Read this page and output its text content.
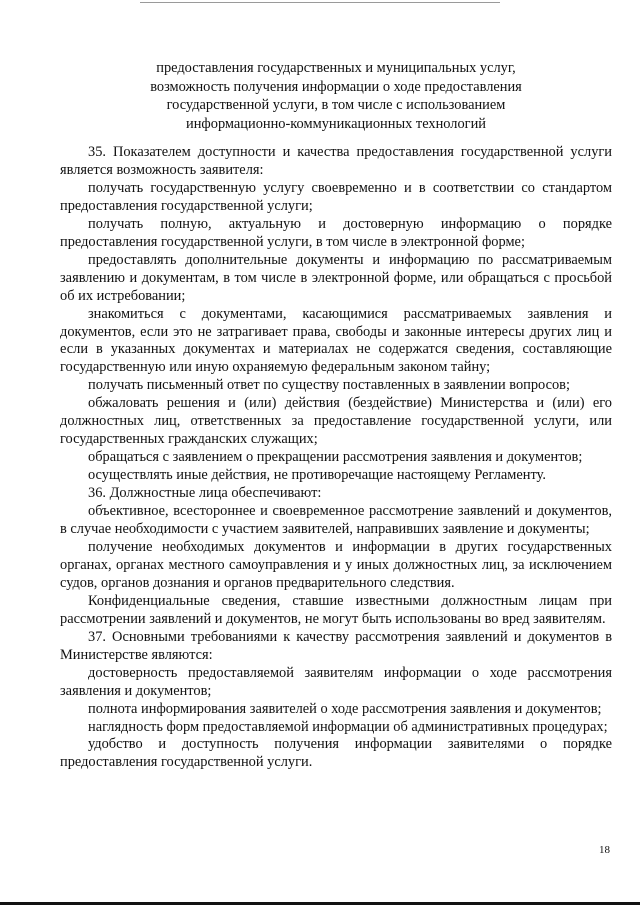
предоставления государственных и муниципальных услуг,
возможность получения информации о ходе предоставления
государственной услуги, в том числе с использованием
информационно-коммуникационных технологий

35. Показателем доступности и качества предоставления государственной услуги является возможность заявителя:

получать государственную услугу своевременно и в соответствии со стандартом предоставления государственной услуги;

получать полную, актуальную и достоверную информацию о порядке предоставления государственной услуги, в том числе в электронной форме;

предоставлять дополнительные документы и информацию по рассматриваемым заявлению и документам, в том числе в электронной форме, или обращаться с просьбой об их истребовании;

знакомиться с документами, касающимися рассматриваемых заявления и документов, если это не затрагивает права, свободы и законные интересы других лиц и если в указанных документах и материалах не содержатся сведения, составляющие государственную или иную охраняемую федеральным законом тайну;

получать письменный ответ по существу поставленных в заявлении вопросов;

обжаловать решения и (или) действия (бездействие) Министерства и (или) его должностных лиц, ответственных за предоставление государственной услуги, или государственных гражданских служащих;

обращаться с заявлением о прекращении рассмотрения заявления и документов;

осуществлять иные действия, не противоречащие настоящему Регламенту.

36. Должностные лица обеспечивают:

объективное, всестороннее и своевременное рассмотрение заявлений и документов, в случае необходимости с участием заявителей, направивших заявление и документы;

получение необходимых документов и информации в других государственных органах, органах местного самоуправления и у иных должностных лиц, за исключением судов, органов дознания и органов предварительного следствия.

Конфиденциальные сведения, ставшие известными должностным лицам при рассмотрении заявлений и документов, не могут быть использованы во вред заявителям.

37. Основными требованиями к качеству рассмотрения заявлений и документов в Министерстве являются:

достоверность предоставляемой заявителям информации о ходе рассмотрения заявления и документов;

полнота информирования заявителей о ходе рассмотрения заявления и документов;

наглядность форм предоставляемой информации об административных процедурах;

удобство и доступность получения информации заявителями о порядке предоставления государственной услуги.

18
